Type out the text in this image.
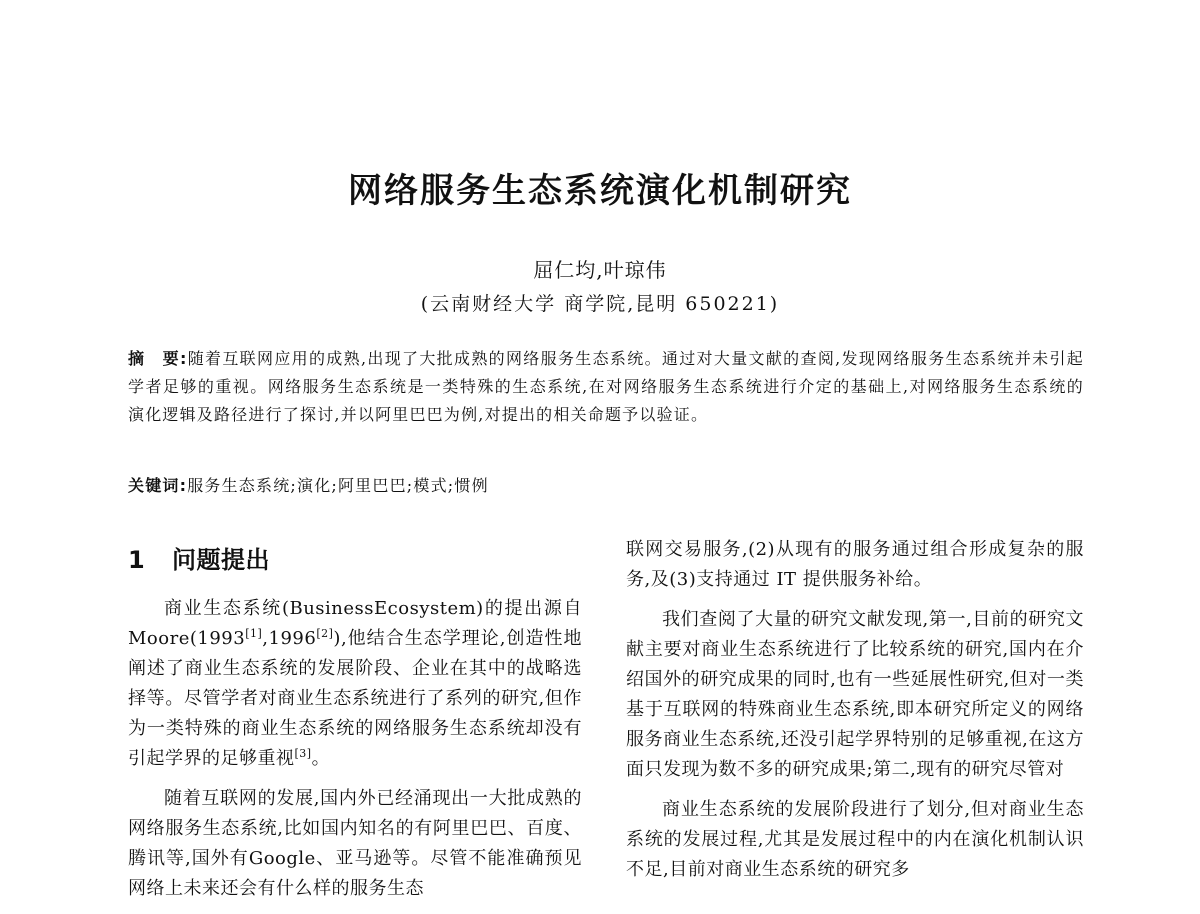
网络服务生态系统演化机制研究
屈仁均,叶琼伟
(云南财经大学 商学院,昆明 650221)

摘　要:随着互联网应用的成熟,出现了大批成熟的网络服务生态系统。通过对大量文献的查阅,发现网络服务生态系统并未引起学者足够的重视。网络服务生态系统是一类特殊的生态系统,在对网络服务生态系统进行介定的基础上,对网络服务生态系统的演化逻辑及路径进行了探讨,并以阿里巴巴为例,对提出的相关命题予以验证。

关键词:服务生态系统;演化;阿里巴巴;模式;惯例

1 问题提出

商业生态系统(BusinessEcosystem)的提出源自Moore(1993[1],1996[2]),他结合生态学理论,创造性地阐述了商业生态系统的发展阶段、企业在其中的战略选择等。尽管学者对商业生态系统进行了系列的研究,但作为一类特殊的商业生态系统的网络服务生态系统却没有引起学界的足够重视[3]。

随着互联网的发展,国内外已经涌现出一大批成熟的网络服务生态系统,比如国内知名的有阿里巴巴、百度、腾讯等,国外有Google、亚马逊等。尽管不能准确预见网络上未来还会有什么样的服务生态

联网交易服务,(2)从现有的服务通过组合形成复杂的服务,及(3)支持通过 IT 提供服务补给。

我们查阅了大量的研究文献发现,第一,目前的研究文献主要对商业生态系统进行了比较系统的研究,国内在介绍国外的研究成果的同时,也有一些延展性研究,但对一类基于互联网的特殊商业生态系统,即本研究所定义的网络服务商业生态系统,还没引起学界特别的足够重视,在这方面只发现为数不多的研究成果;第二,现有的研究尽管对

商业生态系统的发展阶段进行了划分,但对商业生态系统的发展过程,尤其是发展过程中的内在演化机制认识不足,目前对商业生态系统的研究多
